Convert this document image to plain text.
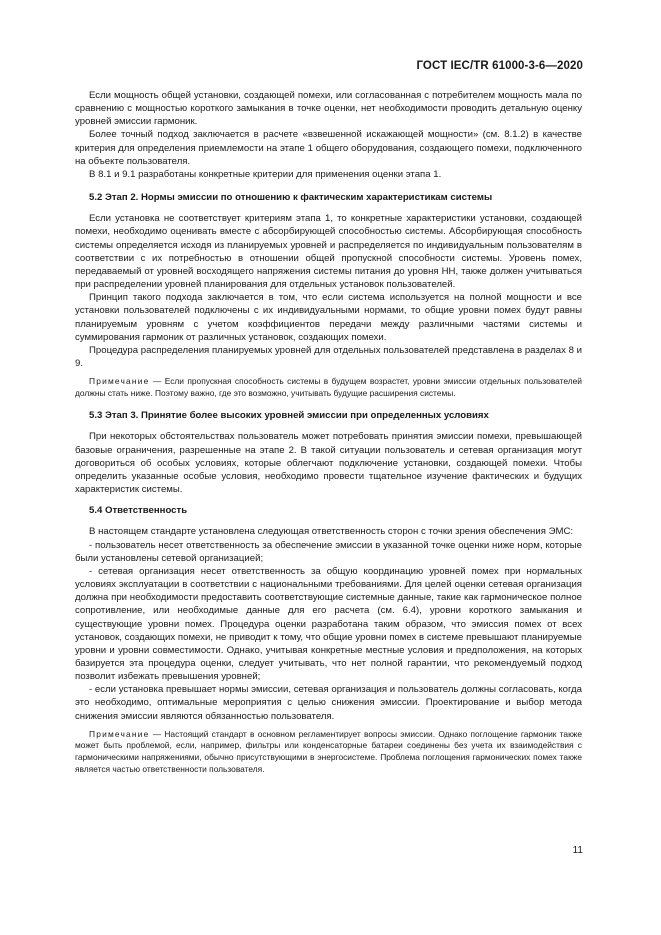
ГОСТ IEC/TR 61000-3-6—2020

Если мощность общей установки, создающей помехи, или согласованная с потребителем мощность мала по сравнению с мощностью короткого замыкания в точке оценки, нет необходимости проводить детальную оценку уровней эмиссии гармоник.

Более точный подход заключается в расчете «взвешенной искажающей мощности» (см. 8.1.2) в качестве критерия для определения приемлемости на этапе 1 общего оборудования, создающего помехи, подключенного на объекте пользователя.

В 8.1 и 9.1 разработаны конкретные критерии для применения оценки этапа 1.

5.2 Этап 2. Нормы эмиссии по отношению к фактическим характеристикам системы

Если установка не соответствует критериям этапа 1, то конкретные характеристики установки, создающей помехи, необходимо оценивать вместе с абсорбирующей способностью системы. Абсорбирующая способность системы определяется исходя из планируемых уровней и распределяется по индивидуальным пользователям в соответствии с их потребностью в отношении общей пропускной способности системы. Уровень помех, передаваемый от уровней восходящего напряжения системы питания до уровня НН, также должен учитываться при распределении уровней планирования для отдельных установок пользователей.

Принцип такого подхода заключается в том, что если система используется на полной мощности и все установки пользователей подключены с их индивидуальными нормами, то общие уровни помех будут равны планируемым уровням с учетом коэффициентов передачи между различными частями системы и суммирования гармоник от различных установок, создающих помехи.

Процедура распределения планируемых уровней для отдельных пользователей представлена в разделах 8 и 9.

Примечание — Если пропускная способность системы в будущем возрастет, уровни эмиссии отдельных пользователей должны стать ниже. Поэтому важно, где это возможно, учитывать будущие расширения системы.

5.3 Этап 3. Принятие более высоких уровней эмиссии при определенных условиях

При некоторых обстоятельствах пользователь может потребовать принятия эмиссии помехи, превышающей базовые ограничения, разрешенные на этапе 2. В такой ситуации пользователь и сетевая организация могут договориться об особых условиях, которые облегчают подключение установки, создающей помехи. Чтобы определить указанные особые условия, необходимо провести тщательное изучение фактических и будущих характеристик системы.

5.4 Ответственность

В настоящем стандарте установлена следующая ответственность сторон с точки зрения обеспечения ЭМС:

- пользователь несет ответственность за обеспечение эмиссии в указанной точке оценки ниже норм, которые были установлены сетевой организацией;

- сетевая организация несет ответственность за общую координацию уровней помех при нормальных условиях эксплуатации в соответствии с национальными требованиями. Для целей оценки сетевая организация должна при необходимости предоставить соответствующие системные данные, такие как гармоническое полное сопротивление, или необходимые данные для его расчета (см. 6.4), уровни короткого замыкания и существующие уровни помех. Процедура оценки разработана таким образом, что эмиссия помех от всех установок, создающих помехи, не приводит к тому, что общие уровни помех в системе превышают планируемые уровни и уровни совместимости. Однако, учитывая конкретные местные условия и предположения, на которых базируется эта процедура оценки, следует учитывать, что нет полной гарантии, что рекомендуемый подход позволит избежать превышения уровней;

- если установка превышает нормы эмиссии, сетевая организация и пользователь должны согласовать, когда это необходимо, оптимальные мероприятия с целью снижения эмиссии. Проектирование и выбор метода снижения эмиссии являются обязанностью пользователя.

Примечание — Настоящий стандарт в основном регламентирует вопросы эмиссии. Однако поглощение гармоник также может быть проблемой, если, например, фильтры или конденсаторные батареи соединены без учета их взаимодействия с гармоническими напряжениями, обычно присутствующими в энергосистеме. Проблема поглощения гармонических помех также является частью ответственности пользователя.

11
